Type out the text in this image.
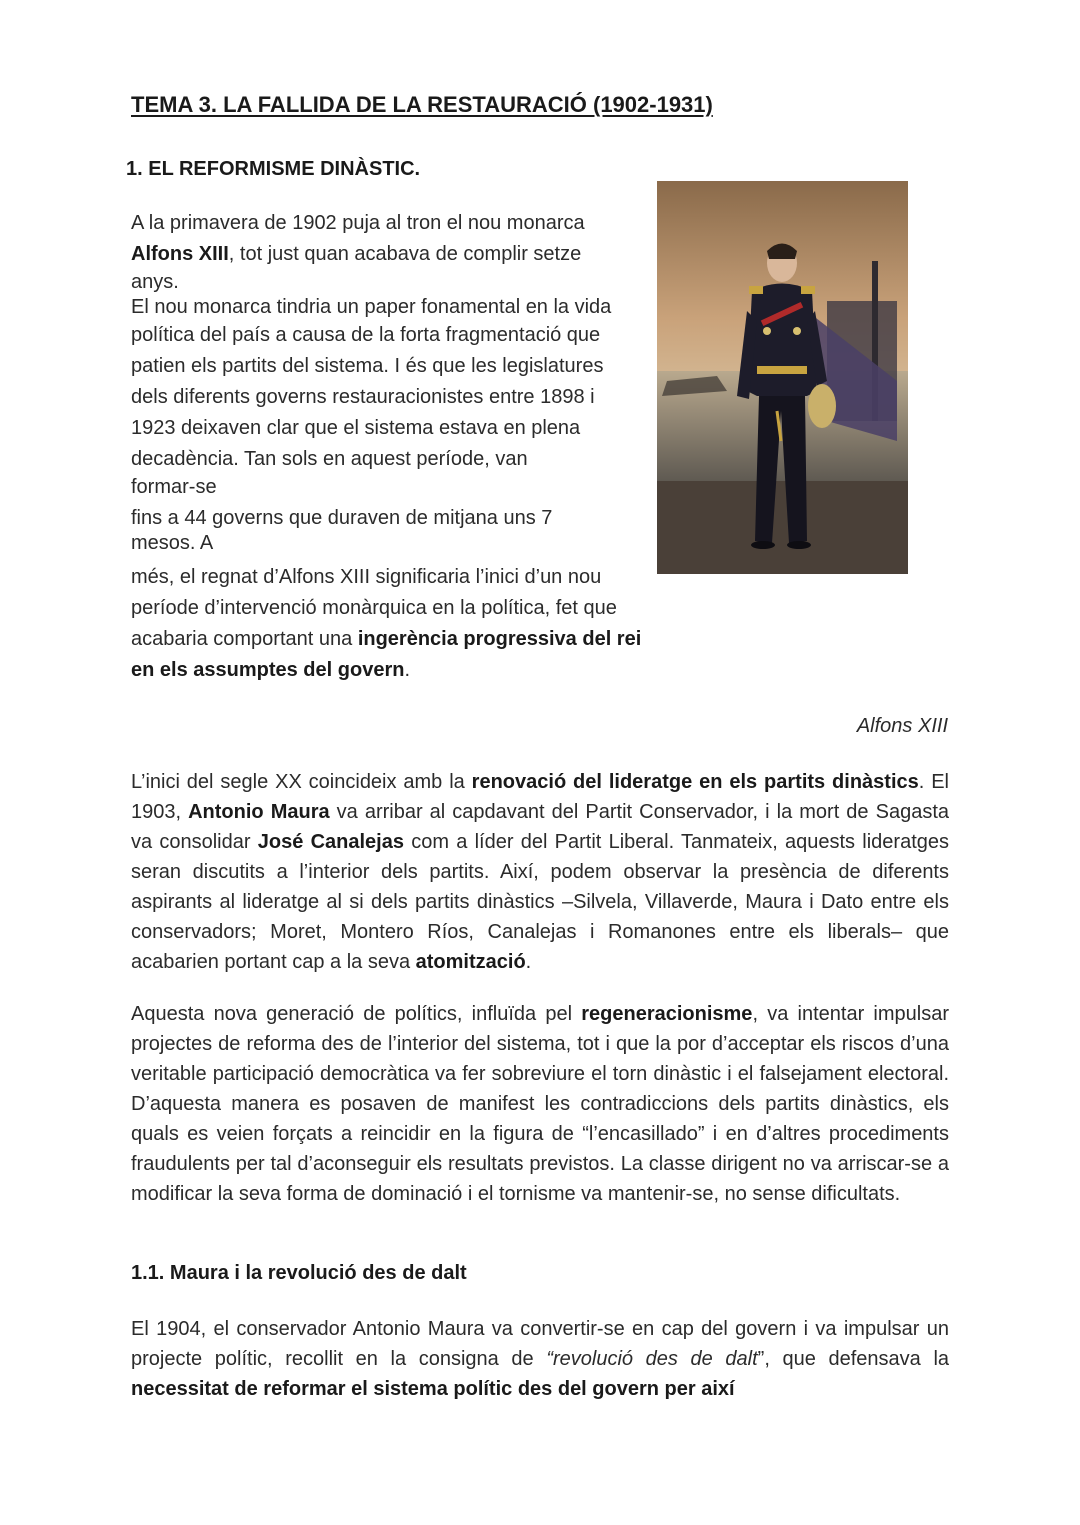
TEMA 3. LA FALLIDA DE LA RESTAURACIÓ (1902-1931)
1. EL REFORMISME DINÀSTIC.

A la primavera de 1902 puja al tron el nou monarca

Alfons XIII, tot just quan acabava de complir setze

anys.

El nou monarca tindria un paper fonamental en la vida

política del país a causa de la forta fragmentació que

patien els partits del sistema. I és que les legislatures

dels diferents governs restauracionistes entre 1898 i

1923 deixaven clar que el sistema estava en plena

decadència. Tan sols en aquest període, van

formar-se

fins a 44 governs que duraven de mitjana uns 7

mesos. A

més, el regnat d’Alfons XIII significaria l’inici d’un nou

període d’intervenció monàrquica en la política, fet que

acabaria comportant una ingerència progressiva del rei

en els assumptes del govern.

Alfons XIII

L’inici del segle XX coincideix amb la renovació del lideratge en els partits dinàstics. El 1903, Antonio Maura va arribar al capdavant del Partit Conservador, i la mort de Sagasta va consolidar José Canalejas com a líder del Partit Liberal. Tanmateix, aquests lideratges seran discutits a l’interior dels partits. Així, podem observar la presència de diferents aspirants al lideratge al si dels partits dinàstics –Silvela, Villaverde, Maura i Dato entre els conservadors; Moret, Montero Ríos, Canalejas i Romanones entre els liberals– que acabarien portant cap a la seva atomització.

Aquesta nova generació de polítics, influïda pel regeneracionisme, va intentar impulsar projectes de reforma des de l’interior del sistema, tot i que la por d’acceptar els riscos d’una veritable participació democràtica va fer sobreviure el torn dinàstic i el falsejament electoral. D’aquesta manera es posaven de manifest les contradiccions dels partits dinàstics, els quals es veien forçats a reincidir en la figura de “l’encasillado” i en d’altres procediments fraudulents per tal d’aconseguir els resultats previstos. La classe dirigent no va arriscar-se a modificar la seva forma de dominació i el tornisme va mantenir-se, no sense dificultats.

1.1. Maura i la revolució des de dalt

El 1904, el conservador Antonio Maura va convertir-se en cap del govern i va impulsar un projecte polític, recollit en la consigna de “revolució des de dalt”, que defensava la necessitat de reformar el sistema polític des del govern per així
